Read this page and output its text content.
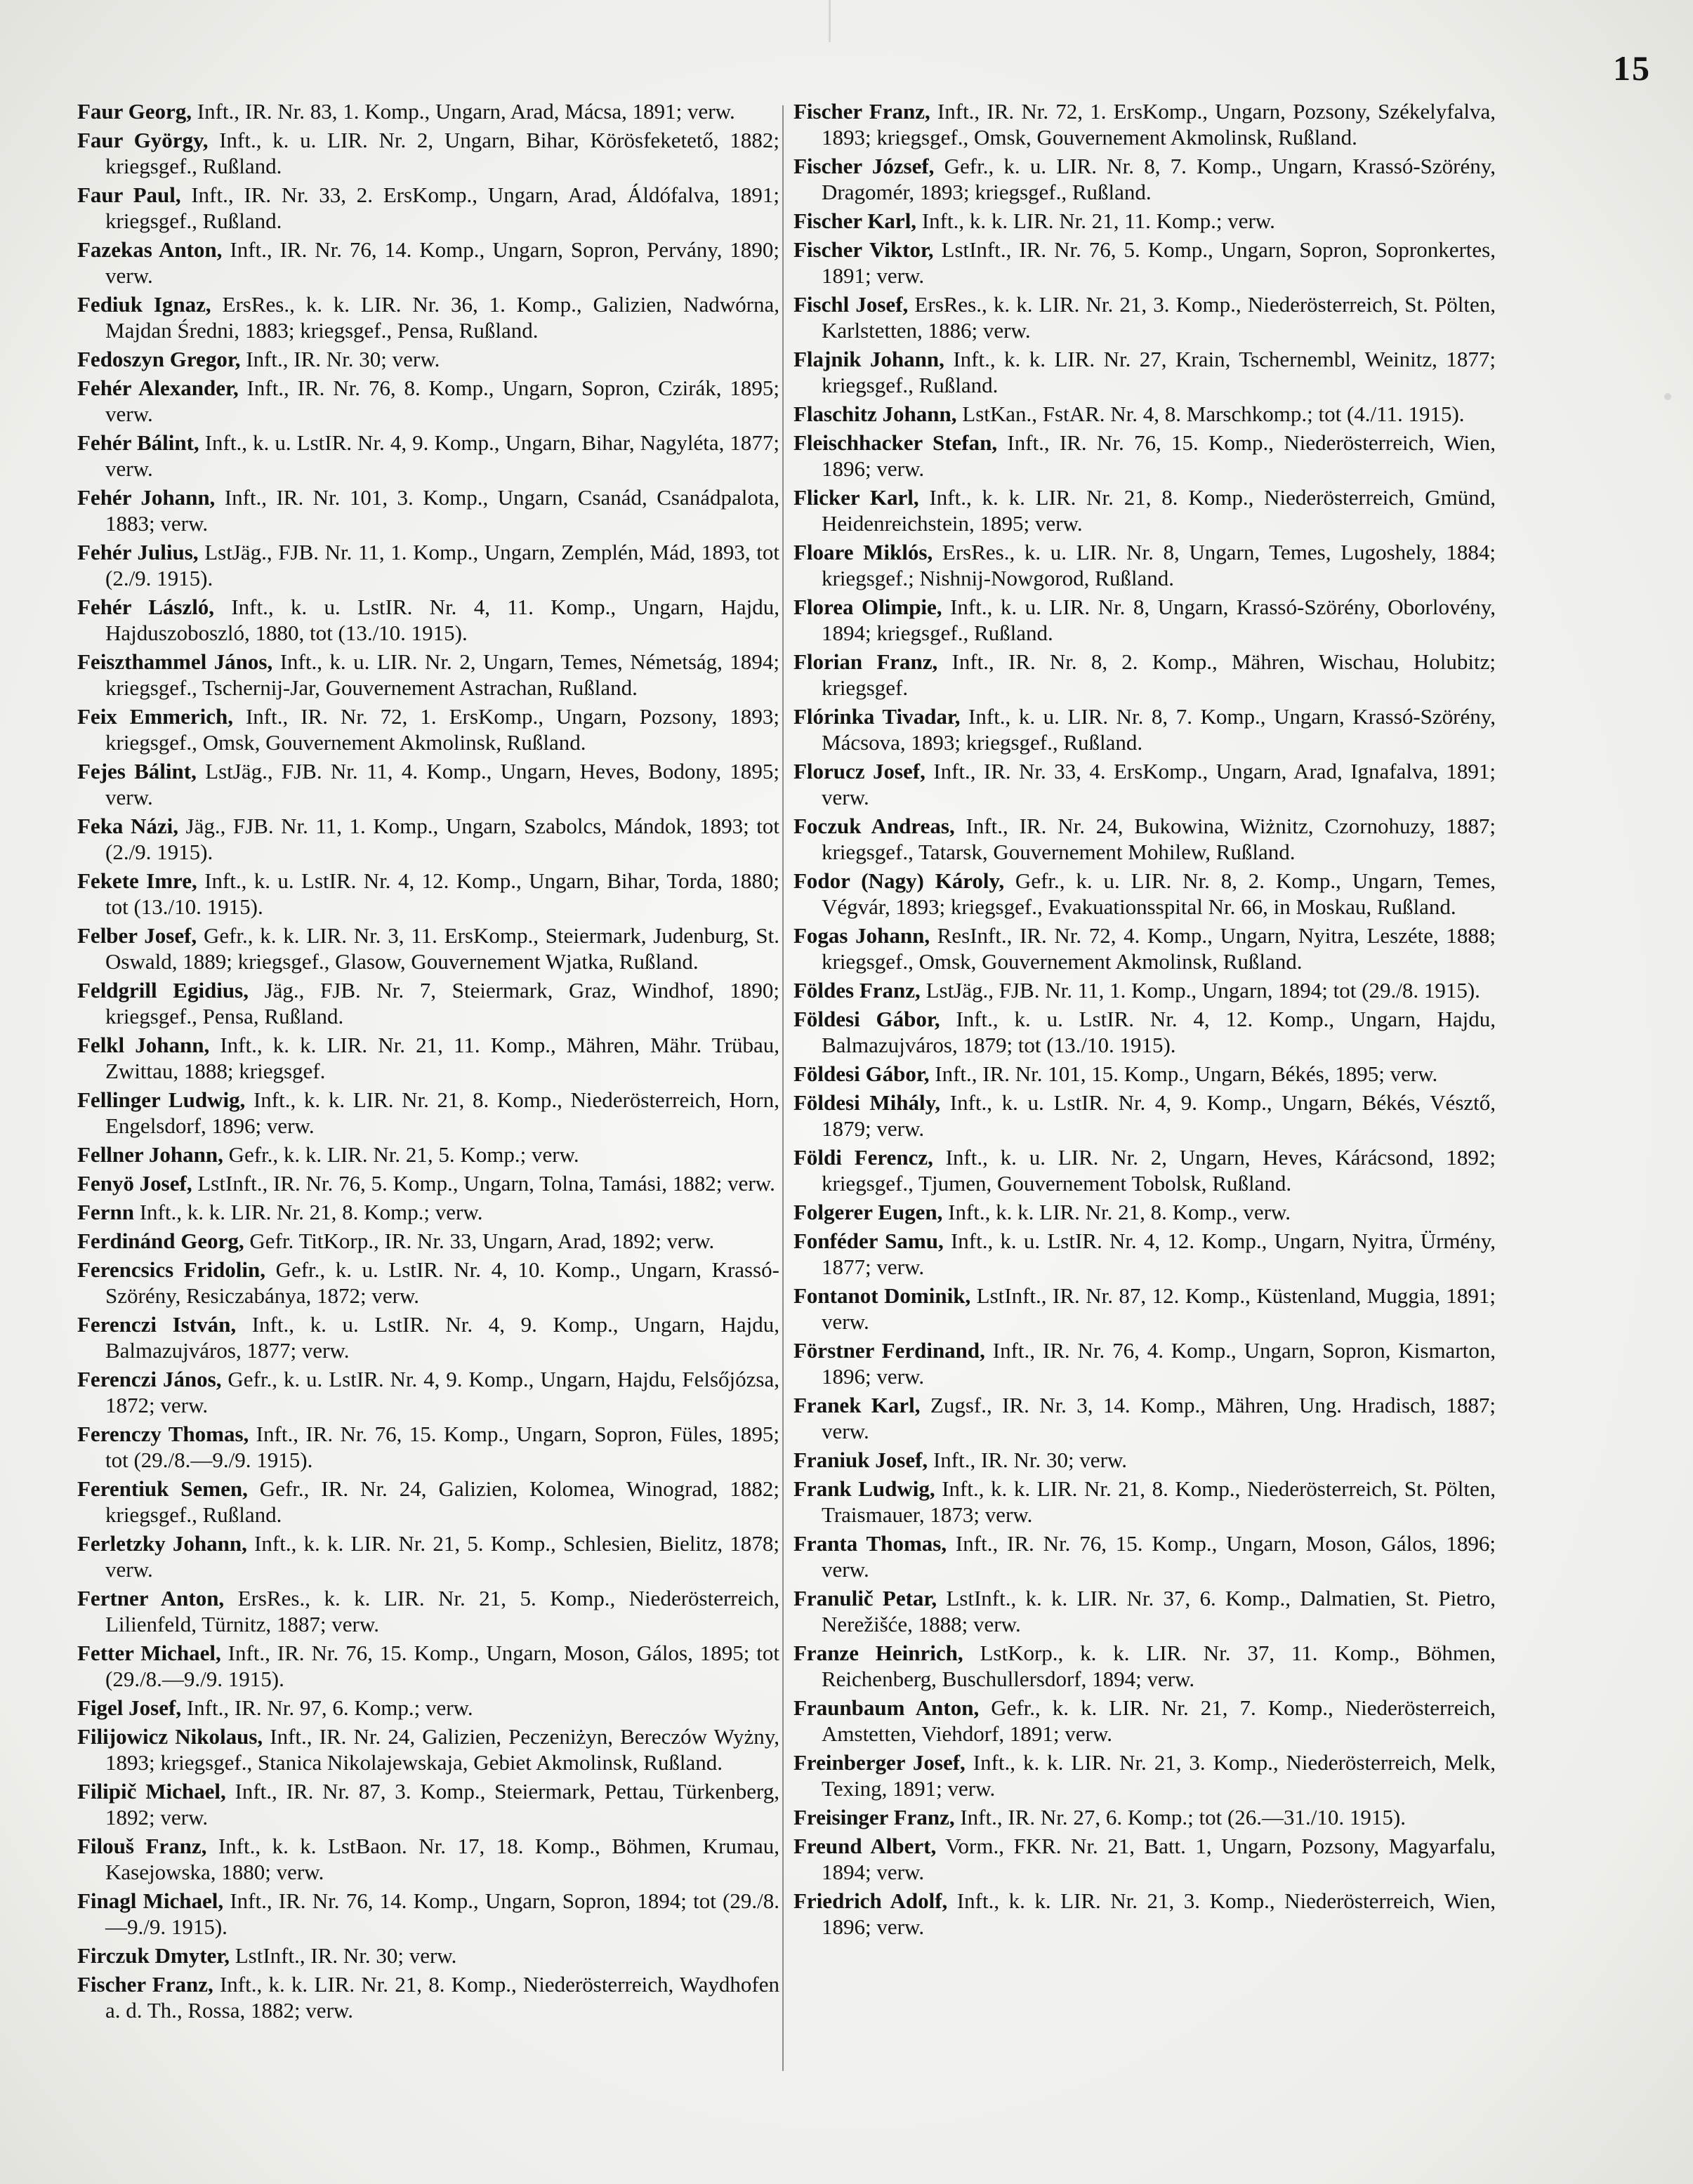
15

Faur Georg, Inft., IR. Nr. 83, 1. Komp., Ungarn, Arad, Mácsa, 1891; verw.

Faur György, Inft., k. u. LIR. Nr. 2, Ungarn, Bihar, Körösfeketető, 1882; kriegsgef., Rußland.

Faur Paul, Inft., IR. Nr. 33, 2. ErsKomp., Ungarn, Arad, Áldófalva, 1891; kriegsgef., Rußland.

Fazekas Anton, Inft., IR. Nr. 76, 14. Komp., Ungarn, Sopron, Pervány, 1890; verw.

Fediuk Ignaz, ErsRes., k. k. LIR. Nr. 36, 1. Komp., Galizien, Nadwórna, Majdan Średni, 1883; kriegsgef., Pensa, Rußland.

Fedoszyn Gregor, Inft., IR. Nr. 30; verw.

Fehér Alexander, Inft., IR. Nr. 76, 8. Komp., Ungarn, Sopron, Czirák, 1895; verw.

Fehér Bálint, Inft., k. u. LstIR. Nr. 4, 9. Komp., Ungarn, Bihar, Nagyléta, 1877; verw.

Fehér Johann, Inft., IR. Nr. 101, 3. Komp., Ungarn, Csanád, Csanádpalota, 1883; verw.

Fehér Julius, LstJäg., FJB. Nr. 11, 1. Komp., Ungarn, Zemplén, Mád, 1893, tot (2./9. 1915).

Fehér László, Inft., k. u. LstIR. Nr. 4, 11. Komp., Ungarn, Hajdu, Hajduszoboszló, 1880, tot (13./10. 1915).

Feiszthammel János, Inft., k. u. LIR. Nr. 2, Ungarn, Temes, Németság, 1894; kriegsgef., Tschernij-Jar, Gouvernement Astrachan, Rußland.

Feix Emmerich, Inft., IR. Nr. 72, 1. ErsKomp., Ungarn, Pozsony, 1893; kriegsgef., Omsk, Gouvernement Akmolinsk, Rußland.

Fejes Bálint, LstJäg., FJB. Nr. 11, 4. Komp., Ungarn, Heves, Bodony, 1895; verw.

Feka Názi, Jäg., FJB. Nr. 11, 1. Komp., Ungarn, Szabolcs, Mándok, 1893; tot (2./9. 1915).

Fekete Imre, Inft., k. u. LstIR. Nr. 4, 12. Komp., Ungarn, Bihar, Torda, 1880; tot (13./10. 1915).

Felber Josef, Gefr., k. k. LIR. Nr. 3, 11. ErsKomp., Steiermark, Judenburg, St. Oswald, 1889; kriegsgef., Glasow, Gouvernement Wjatka, Rußland.

Feldgrill Egidius, Jäg., FJB. Nr. 7, Steiermark, Graz, Windhof, 1890; kriegsgef., Pensa, Rußland.

Felkl Johann, Inft., k. k. LIR. Nr. 21, 11. Komp., Mähren, Mähr. Trübau, Zwittau, 1888; kriegsgef.

Fellinger Ludwig, Inft., k. k. LIR. Nr. 21, 8. Komp., Niederösterreich, Horn, Engelsdorf, 1896; verw.

Fellner Johann, Gefr., k. k. LIR. Nr. 21, 5. Komp.; verw.

Fenyö Josef, LstInft., IR. Nr. 76, 5. Komp., Ungarn, Tolna, Tamási, 1882; verw.

Fernn Inft., k. k. LIR. Nr. 21, 8. Komp.; verw.

Ferdinánd Georg, Gefr. TitKorp., IR. Nr. 33, Ungarn, Arad, 1892; verw.

Ferencsics Fridolin, Gefr., k. u. LstIR. Nr. 4, 10. Komp., Ungarn, Krassó-Szörény, Resiczabánya, 1872; verw.

Ferenczi István, Inft., k. u. LstIR. Nr. 4, 9. Komp., Ungarn, Hajdu, Balmazujváros, 1877; verw.

Ferenczi János, Gefr., k. u. LstIR. Nr. 4, 9. Komp., Ungarn, Hajdu, Felsőjózsa, 1872; verw.

Ferenczy Thomas, Inft., IR. Nr. 76, 15. Komp., Ungarn, Sopron, Füles, 1895; tot (29./8.—9./9. 1915).

Ferentiuk Semen, Gefr., IR. Nr. 24, Galizien, Kolomea, Winograd, 1882; kriegsgef., Rußland.

Ferletzky Johann, Inft., k. k. LIR. Nr. 21, 5. Komp., Schlesien, Bielitz, 1878; verw.

Fertner Anton, ErsRes., k. k. LIR. Nr. 21, 5. Komp., Niederösterreich, Lilienfeld, Türnitz, 1887; verw.

Fetter Michael, Inft., IR. Nr. 76, 15. Komp., Ungarn, Moson, Gálos, 1895; tot (29./8.—9./9. 1915).

Figel Josef, Inft., IR. Nr. 97, 6. Komp.; verw.

Filijowicz Nikolaus, Inft., IR. Nr. 24, Galizien, Peczeniżyn, Bereczów Wyżny, 1893; kriegsgef., Stanica Nikolajewskaja, Gebiet Akmolinsk, Rußland.

Filipič Michael, Inft., IR. Nr. 87, 3. Komp., Steiermark, Pettau, Türkenberg, 1892; verw.

Filouš Franz, Inft., k. k. LstBaon. Nr. 17, 18. Komp., Böhmen, Krumau, Kasejowska, 1880; verw.

Finagl Michael, Inft., IR. Nr. 76, 14. Komp., Ungarn, Sopron, 1894; tot (29./8.—9./9. 1915).

Firczuk Dmyter, LstInft., IR. Nr. 30; verw.

Fischer Franz, Inft., k. k. LIR. Nr. 21, 8. Komp., Niederösterreich, Waydhofen a. d. Th., Rossa, 1882; verw.

Fischer Franz, Inft., IR. Nr. 72, 1. ErsKomp., Ungarn, Pozsony, Székelyfalva, 1893; kriegsgef., Omsk, Gouvernement Akmolinsk, Rußland.

Fischer József, Gefr., k. u. LIR. Nr. 8, 7. Komp., Ungarn, Krassó-Szörény, Dragomér, 1893; kriegsgef., Rußland.

Fischer Karl, Inft., k. k. LIR. Nr. 21, 11. Komp.; verw.

Fischer Viktor, LstInft., IR. Nr. 76, 5. Komp., Ungarn, Sopron, Sopronkertes, 1891; verw.

Fischl Josef, ErsRes., k. k. LIR. Nr. 21, 3. Komp., Niederösterreich, St. Pölten, Karlstetten, 1886; verw.

Flajnik Johann, Inft., k. k. LIR. Nr. 27, Krain, Tschernembl, Weinitz, 1877; kriegsgef., Rußland.

Flaschitz Johann, LstKan., FstAR. Nr. 4, 8. Marschkomp.; tot (4./11. 1915).

Fleischhacker Stefan, Inft., IR. Nr. 76, 15. Komp., Niederösterreich, Wien, 1896; verw.

Flicker Karl, Inft., k. k. LIR. Nr. 21, 8. Komp., Niederösterreich, Gmünd, Heidenreichstein, 1895; verw.

Floare Miklós, ErsRes., k. u. LIR. Nr. 8, Ungarn, Temes, Lugoshely, 1884; kriegsgef.; Nishnij-Nowgorod, Rußland.

Florea Olimpie, Inft., k. u. LIR. Nr. 8, Ungarn, Krassó-Szörény, Oborlovény, 1894; kriegsgef., Rußland.

Florian Franz, Inft., IR. Nr. 8, 2. Komp., Mähren, Wischau, Holubitz; kriegsgef.

Flórinka Tivadar, Inft., k. u. LIR. Nr. 8, 7. Komp., Ungarn, Krassó-Szörény, Mácsova, 1893; kriegsgef., Rußland.

Florucz Josef, Inft., IR. Nr. 33, 4. ErsKomp., Ungarn, Arad, Ignafalva, 1891; verw.

Foczuk Andreas, Inft., IR. Nr. 24, Bukowina, Wiżnitz, Czornohuzy, 1887; kriegsgef., Tatarsk, Gouvernement Mohilew, Rußland.

Fodor (Nagy) Károly, Gefr., k. u. LIR. Nr. 8, 2. Komp., Ungarn, Temes, Végvár, 1893; kriegsgef., Evakuationsspital Nr. 66, in Moskau, Rußland.

Fogas Johann, ResInft., IR. Nr. 72, 4. Komp., Ungarn, Nyitra, Leszéte, 1888; kriegsgef., Omsk, Gouvernement Akmolinsk, Rußland.

Földes Franz, LstJäg., FJB. Nr. 11, 1. Komp., Ungarn, 1894; tot (29./8. 1915).

Földesi Gábor, Inft., k. u. LstIR. Nr. 4, 12. Komp., Ungarn, Hajdu, Balmazujváros, 1879; tot (13./10. 1915).

Földesi Gábor, Inft., IR. Nr. 101, 15. Komp., Ungarn, Békés, 1895; verw.

Földesi Mihály, Inft., k. u. LstIR. Nr. 4, 9. Komp., Ungarn, Békés, Vésztő, 1879; verw.

Földi Ferencz, Inft., k. u. LIR. Nr. 2, Ungarn, Heves, Kárácsond, 1892; kriegsgef., Tjumen, Gouvernement Tobolsk, Rußland.

Folgerer Eugen, Inft., k. k. LIR. Nr. 21, 8. Komp., verw.

Fonféder Samu, Inft., k. u. LstIR. Nr. 4, 12. Komp., Ungarn, Nyitra, Ürmény, 1877; verw.

Fontanot Dominik, LstInft., IR. Nr. 87, 12. Komp., Küstenland, Muggia, 1891; verw.

Förstner Ferdinand, Inft., IR. Nr. 76, 4. Komp., Ungarn, Sopron, Kismarton, 1896; verw.

Franek Karl, Zugsf., IR. Nr. 3, 14. Komp., Mähren, Ung. Hradisch, 1887; verw.

Franiuk Josef, Inft., IR. Nr. 30; verw.

Frank Ludwig, Inft., k. k. LIR. Nr. 21, 8. Komp., Niederösterreich, St. Pölten, Traismauer, 1873; verw.

Franta Thomas, Inft., IR. Nr. 76, 15. Komp., Ungarn, Moson, Gálos, 1896; verw.

Franulič Petar, LstInft., k. k. LIR. Nr. 37, 6. Komp., Dalmatien, St. Pietro, Nerežišće, 1888; verw.

Franze Heinrich, LstKorp., k. k. LIR. Nr. 37, 11. Komp., Böhmen, Reichenberg, Buschullersdorf, 1894; verw.

Fraunbaum Anton, Gefr., k. k. LIR. Nr. 21, 7. Komp., Niederösterreich, Amstetten, Viehdorf, 1891; verw.

Freinberger Josef, Inft., k. k. LIR. Nr. 21, 3. Komp., Niederösterreich, Melk, Texing, 1891; verw.

Freisinger Franz, Inft., IR. Nr. 27, 6. Komp.; tot (26.—31./10. 1915).

Freund Albert, Vorm., FKR. Nr. 21, Batt. 1, Ungarn, Pozsony, Magyarfalu, 1894; verw.

Friedrich Adolf, Inft., k. k. LIR. Nr. 21, 3. Komp., Niederösterreich, Wien, 1896; verw.
